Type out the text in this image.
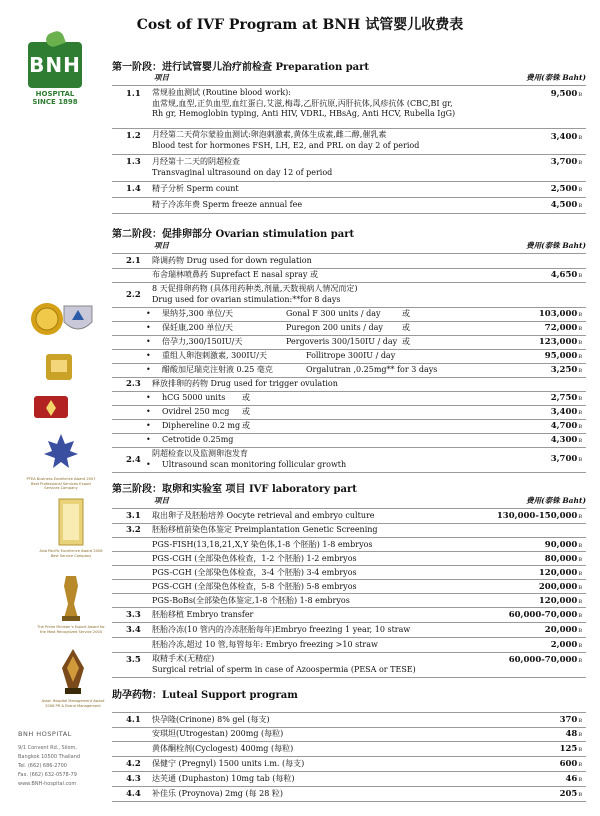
BNH
HOSPITAL
SINCE 1898
PTEA Business Excellence Award 2007 Best Professional Services Export Services Company
Asia Pacific Excellence Award 2006 Best Service Company
The Prime Minister's Export Award for the Most Recognized Service 2004
Asian Hospital Management Award 2006 PR & Brand Management
BNH HOSPITAL
9/1 Convent Rd., Silom,
Bangkok 10500 Thailand
Tel. (662) 686-2700
Fax. (662) 632-0578-79
www.BNH-hospital.com
Cost of IVF Program at BNH 试管婴儿收费表
第一阶段：进行试管婴儿治疗前检查 Preparation part
项目	费用(泰铢 Baht)
1.1 常规验血测试 (Routine blood work):
血常规,血型,正负血型,血红蛋白,艾滋,梅毒,乙肝抗原,丙肝抗体,风疹抗体 (CBC,BI gr,
Rh gr, Hemoglobin typing, Anti HIV, VDRL, HBsAg, Anti HCV, Rubella IgG)
9,500B
1.2 月经第二天荷尔蒙验血测试:卵泡刺激素,黄体生成素,雌二醇,催乳素
Blood test for hormones FSH, LH, E2, and PRL on day 2 of period
3,400B
1.3 月经第十二天的阴超检查
Transvaginal ultrasound on day 12 of period
3,700B
1.4 精子分析 Sperm count	2,500B
精子冷冻年费 Sperm freeze annual fee	4,500B
第二阶段：促排卵部分 Ovarian stimulation part
项目	费用(泰铢 Baht)
2.1 降调药物 Drug used for down regulation
布舍瑞林喷鼻药 Suprefact E nasal spray 或	4,650B
2.2
8 天促排卵药物 (具体用药种类,剂量,天数视病人情况而定)
Drug used for ovarian stimulation:**for 8 days
• 果纳芬,300 单位/天	Gonal F 300 units / day	或	103,000B
• 保妊康,200 单位/天	Puregon 200 units / day 或	72,000B
• 倍孕力,300/150IU/天	Pergoveris 300/150IU / day 或	123,000B
• 重组人卵泡刺激素, 300IU/天	Follitrope 300IU / day	95,000B
• 醋酸加尼瑞克注射液 0.25 毫克	Orgalutran ,0.25mg** for 3 days	3,250B
2.3 释放排卵的药物 Drug used for trigger ovulation
• hCG 5000 units 或	2,750B
• Ovidrel 250 mcg 或	3,400B
• Diphereline 0.2 mg 或	4,700B
• Cetrotide 0.25mg	4,300B
2.4
阴超检查以及监测卵泡发育
• Ultrasound scan monitoring follicular growth
3,700B
第三阶段：取卵和实验室 项目 IVF laboratory part
项目	费用(泰铢 Baht)
3.1 取出卵子及胚胎培养 Oocyte retrieval and embryo culture	130,000-150,000B
3.2 胚胎移植前染色体鉴定 Preimplantation Genetic Screening
PGS-FISH(13,18,21,X,Y 染色体,1-8 个胚胎) 1-8 embryos	90,000B
PGS-CGH (全部染色体检查，1-2 个胚胎) 1-2 embryos	80,000B
PGS-CGH (全部染色体检查，3-4 个胚胎) 3-4 embryos	120,000B
PGS-CGH (全部染色体检查，5-8 个胚胎) 5-8 embryos	200,000B
PGS-BoBs(全部染色体鉴定,1-8 个胚胎) 1-8 embryos	120,000B
3.3 胚胎移植 Embryo transfer	60,000-70,000B
3.4 胚胎冷冻(10 管内的冷冻胚胎每年)Embryo freezing 1 year, 10 straw	20,000B
胚胎冷冻,超过 10 管,每管每年: Embryo freezing >10 straw	2,000B
3.5 取精手术(无精症)
Surgical retrial of sperm in case of Azoospermia (PESA or TESE)
60,000-70,000B
助孕药物：Luteal Support program
4.1 快孕隆(Crinone) 8% gel (每支)	370B
安琪坦(Utrogestan) 200mg (每粒)	48B
黄体酮栓剂(Cyclogest) 400mg (每粒)	125B
4.2 保健宁 (Pregnyl) 1500 units i.m. (每支)	600B
4.3 达芙通 (Duphaston) 10mg tab (每粒)	46B
4.4 补佳乐 (Proynova) 2mg (每 28 粒)	205B
